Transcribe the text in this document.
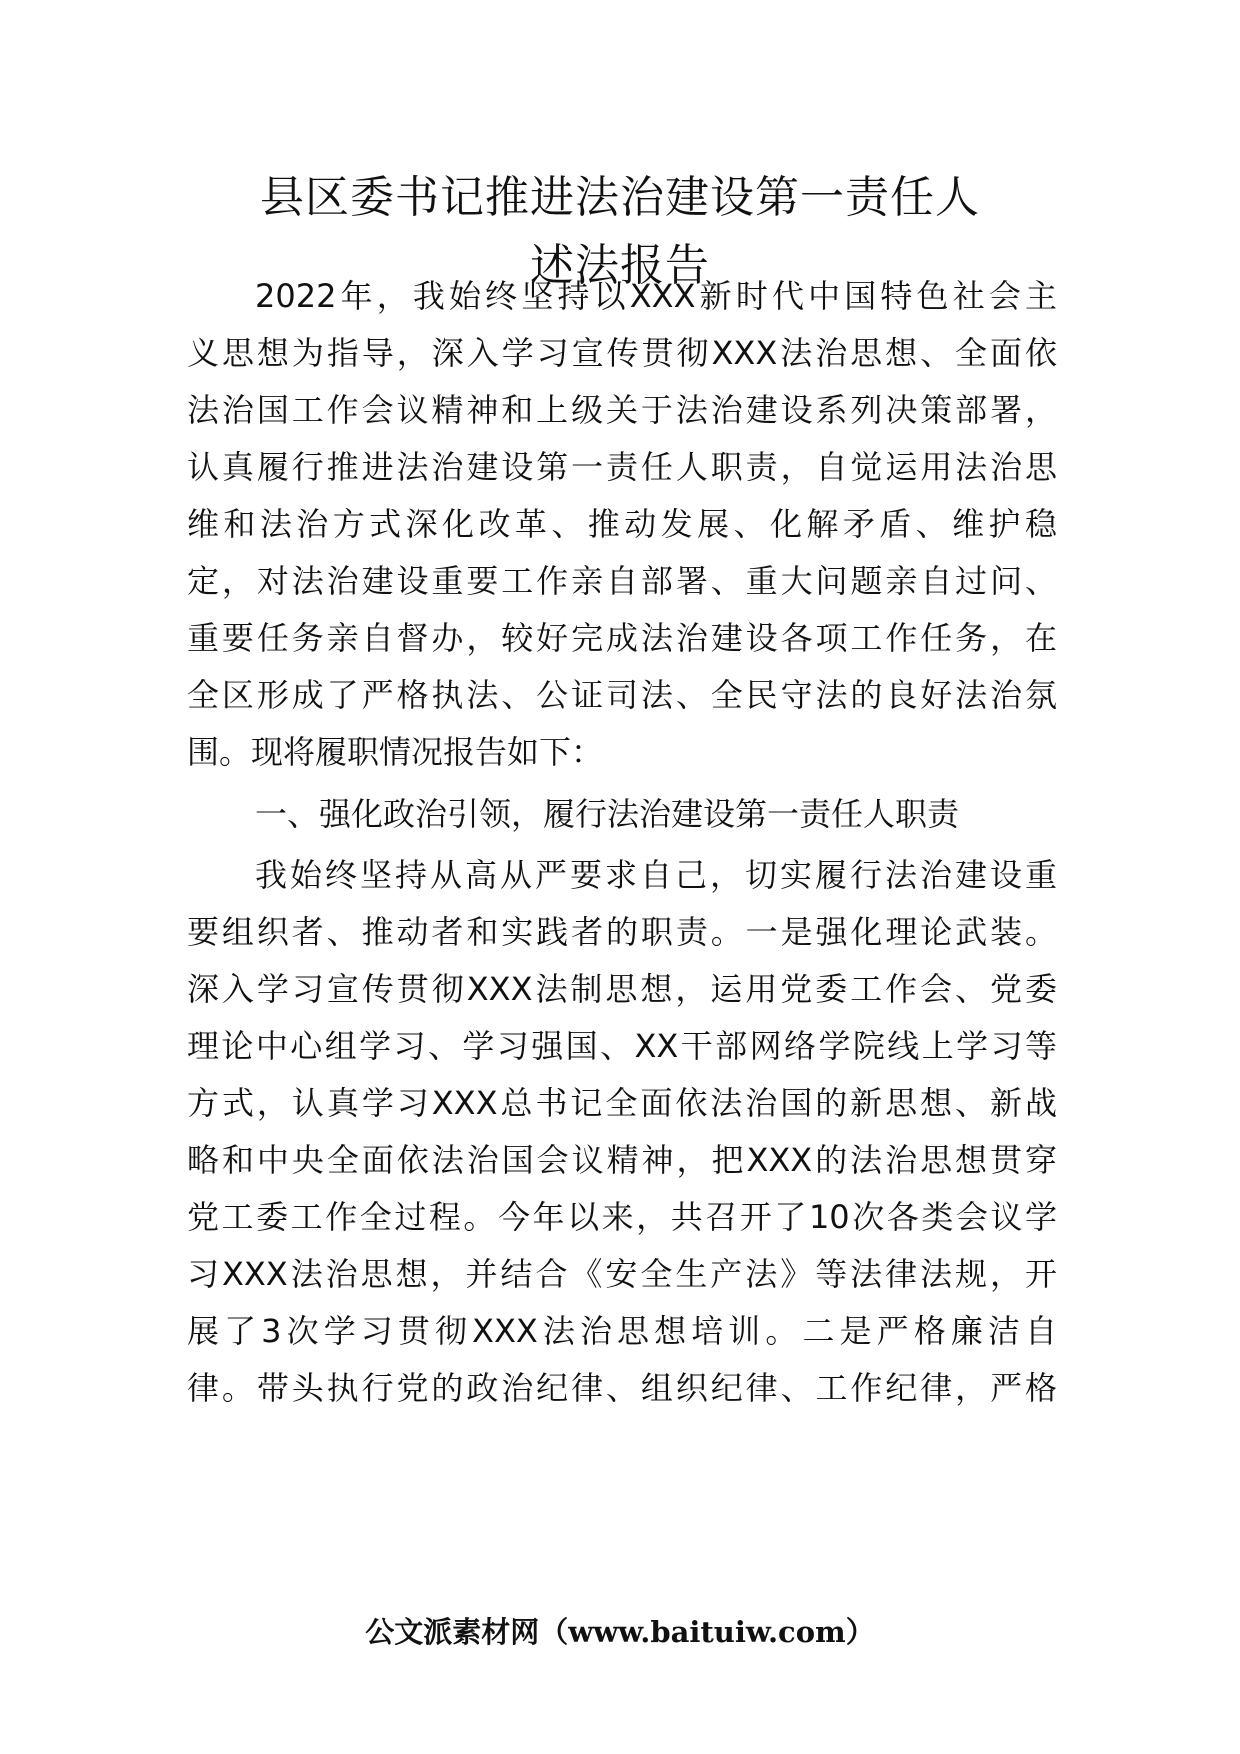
县区委书记推进法治建设第一责任人
述法报告
2022年，我始终坚持以XXX新时代中国特色社会主
义思想为指导，深入学习宣传贯彻XXX法治思想、全面依
法治国工作会议精神和上级关于法治建设系列决策部署，
认真履行推进法治建设第一责任人职责，自觉运用法治思
维和法治方式深化改革、推动发展、化解矛盾、维护稳
定，对法治建设重要工作亲自部署、重大问题亲自过问、
重要任务亲自督办，较好完成法治建设各项工作任务，在
全区形成了严格执法、公证司法、全民守法的良好法治氛
围。现将履职情况报告如下：
一、强化政治引领，履行法治建设第一责任人职责
我始终坚持从高从严要求自己，切实履行法治建设重
要组织者、推动者和实践者的职责。一是强化理论武装。
深入学习宣传贯彻XXX法制思想，运用党委工作会、党委
理论中心组学习、学习强国、XX干部网络学院线上学习等
方式，认真学习XXX总书记全面依法治国的新思想、新战
略和中央全面依法治国会议精神，把XXX的法治思想贯穿
党工委工作全过程。今年以来，共召开了10次各类会议学
习XXX法治思想，并结合《安全生产法》等法律法规，开
展了3次学习贯彻XXX法治思想培训。二是严格廉洁自
律。带头执行党的政治纪律、组织纪律、工作纪律，严格
公文派素材网（www.baituiw.com）
